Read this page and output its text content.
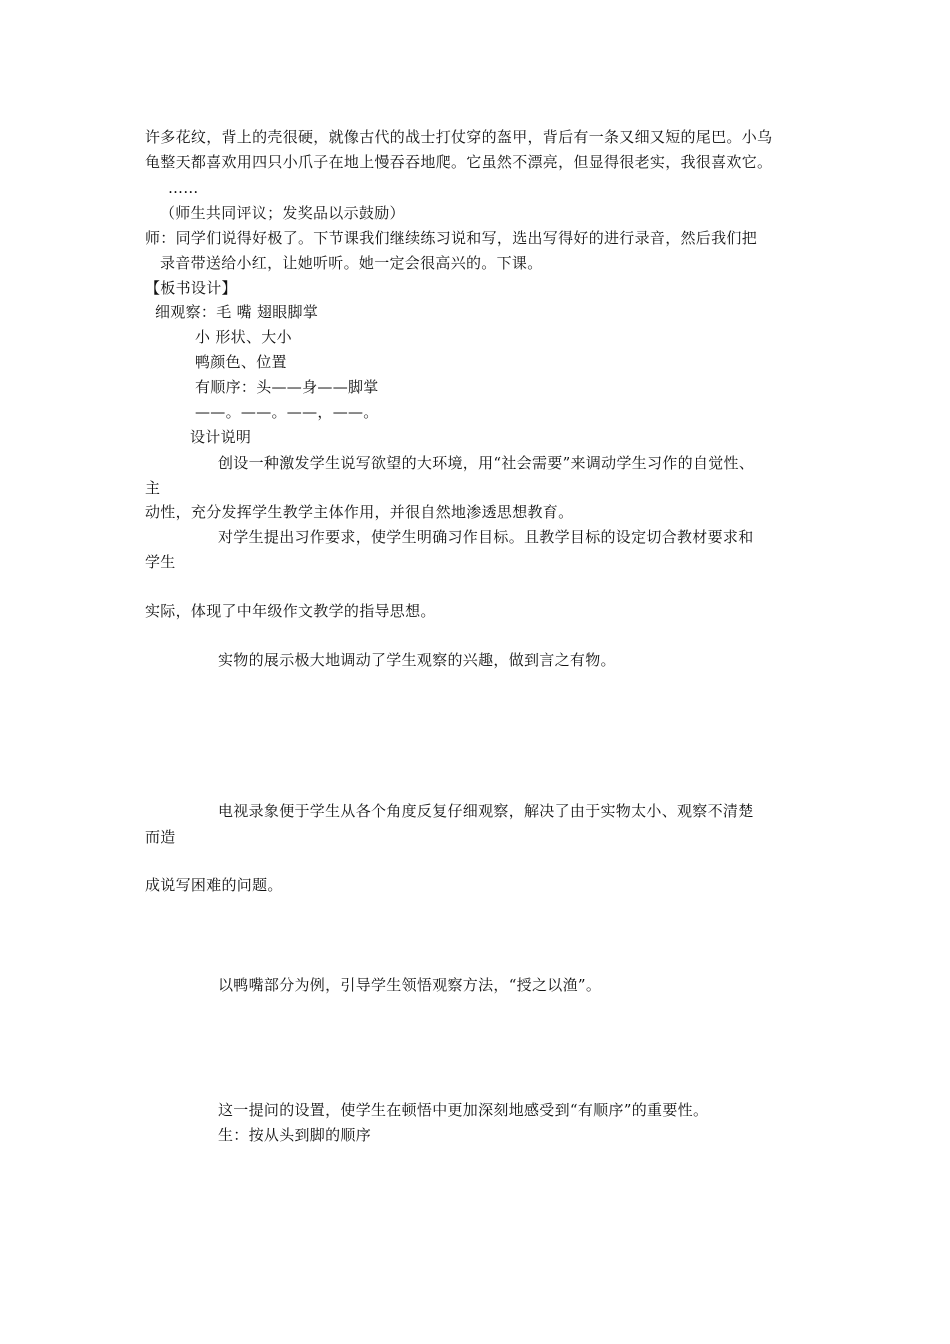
许多花纹，背上的壳很硬，就像古代的战士打仗穿的盔甲，背后有一条又细又短的尾巴。小乌
龟整天都喜欢用四只小爪子在地上慢吞吞地爬。它虽然不漂亮，但显得很老实，我很喜欢它。
……
（师生共同评议；发奖品以示鼓励）
师：同学们说得好极了。下节课我们继续练习说和写，选出写得好的进行录音，然后我们把
录音带送给小红，让她听听。她一定会很高兴的。下课。
【板书设计】
细观察：毛 嘴 翅眼脚掌
小 形状、大小
鸭颜色、位置
有顺序：头——身——脚掌
——。——。——，——。
设计说明
创设一种激发学生说写欲望的大环境，用“社会需要”来调动学生习作的自觉性、
主
动性，充分发挥学生教学主体作用，并很自然地渗透思想教育。
对学生提出习作要求，使学生明确习作目标。且教学目标的设定切合教材要求和
学生
实际，体现了中年级作文教学的指导思想。
实物的展示极大地调动了学生观察的兴趣，做到言之有物。
电视录象便于学生从各个角度反复仔细观察，解决了由于实物太小、观察不清楚
而造
成说写困难的问题。
以鸭嘴部分为例，引导学生领悟观察方法，“授之以渔”。
这一提问的设置，使学生在顿悟中更加深刻地感受到“有顺序”的重要性。
生：按从头到脚的顺序
